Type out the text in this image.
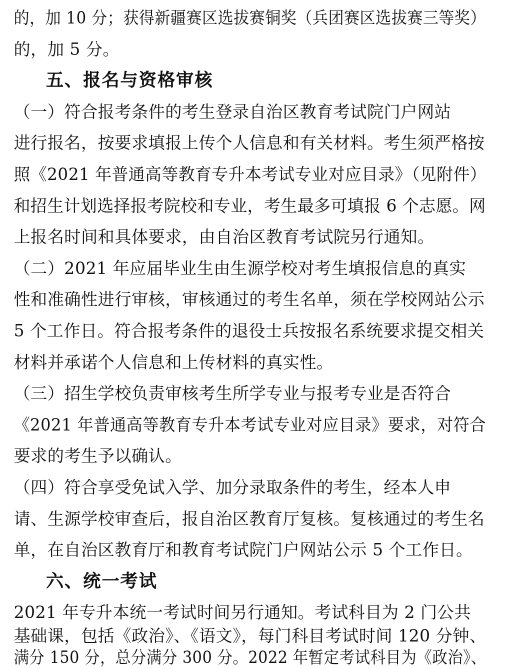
的，加 10 分；获得新疆赛区选拔赛铜奖（兵团赛区选拔赛三等奖）
的，加 5 分。
五、报名与资格审核
（一）符合报考条件的考生登录自治区教育考试院门户网站
进行报名，按要求填报上传个人信息和有关材料。考生须严格按
照《2021 年普通高等教育专升本考试专业对应目录》（见附件）
和招生计划选择报考院校和专业，考生最多可填报 6 个志愿。网
上报名时间和具体要求，由自治区教育考试院另行通知。
（二）2021 年应届毕业生由生源学校对考生填报信息的真实
性和准确性进行审核，审核通过的考生名单，须在学校网站公示
5 个工作日。符合报考条件的退役士兵按报名系统要求提交相关
材料并承诺个人信息和上传材料的真实性。
（三）招生学校负责审核考生所学专业与报考专业是否符合
《2021 年普通高等教育专升本考试专业对应目录》要求，对符合
要求的考生予以确认。
（四）符合享受免试入学、加分录取条件的考生，经本人申
请、生源学校审查后，报自治区教育厅复核。复核通过的考生名
单，在自治区教育厅和教育考试院门户网站公示 5 个工作日。
六、统一考试
2021 年专升本统一考试时间另行通知。考试科目为 2 门公共
基础课，包括《政治》、《语文》，每门科目考试时间 120 分钟、
满分 150 分，总分满分 300 分。2022 年暂定考试科目为《政治》、
